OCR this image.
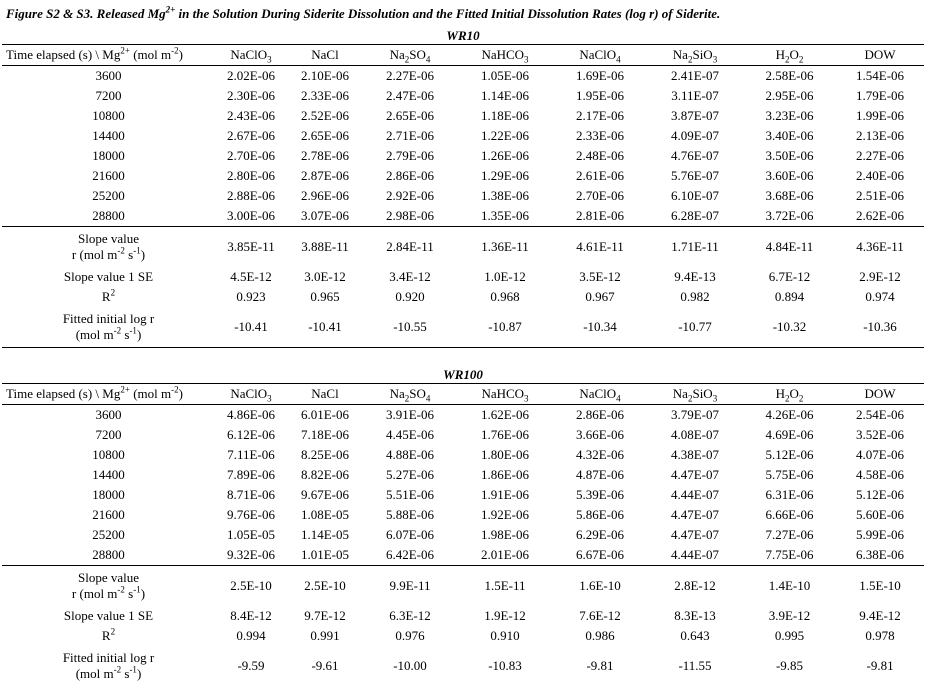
Figure S2 & S3. Released $Mg^{2+}$ in the Solution During Siderite Dissolution and the Fitted Initial Dissolution Rates (log r) of Siderite.
WR10								
Time elapsed (s) \ $Mg^{2+}$ (mol $m^{-2}$)	NaClO$_3$	NaCl	$Na_2SO_4$	NaHCO$_3$	NaClO$_4$	$Na_2SiO_3$	$H_2O_2$	DOW
3600	2.02E-06	2.10E-06	2.27E-06	1.05E-06	1.69E-06	2.41E-07	2.58E-06	1.54E-06
7200	2.30E-06	2.33E-06	2.47E-06	1.14E-06	1.95E-06	3.11E-07	2.95E-06	1.79E-06
10800	2.43E-06	2.52E-06	2.65E-06	1.18E-06	2.17E-06	3.87E-07	3.23E-06	1.99E-06
14400	2.67E-06	2.65E-06	2.71E-06	1.22E-06	2.33E-06	4.09E-07	3.40E-06	2.13E-06
18000	2.70E-06	2.78E-06	2.79E-06	1.26E-06	2.48E-06	4.76E-07	3.50E-06	2.27E-06
21600	2.80E-06	2.87E-06	2.86E-06	1.29E-06	2.61E-06	5.76E-07	3.60E-06	2.40E-06
25200	2.88E-06	2.96E-06	2.92E-06	1.38E-06	2.70E-06	6.10E-07	3.68E-06	2.51E-06
28800	3.00E-06	3.07E-06	2.98E-06	1.35E-06	2.81E-06	6.28E-07	3.72E-06	2.62E-06

Slope value
r (mol $m^{-2}$ $s^{-1}$)	3.85E-11	3.88E-11	2.84E-11	1.36E-11	4.61E-11	1.71E-11	4.84E-11	4.36E-11
Slope value 1 SE	4.5E-12	3.0E-12	3.4E-12	1.0E-12	3.5E-12	9.4E-13	6.7E-12	2.9E-12
$R^2$	0.923	0.965	0.920	0.968	0.967	0.982	0.894	0.974

Fitted initial log r
(mol $m^{-2}$ $s^{-1}$)	-10.41	-10.41	-10.55	-10.87	-10.34	-10.77	-10.32	-10.36
WR100								
Time elapsed (s) \ $Mg^{2+}$ (mol $m^{-2}$)	NaClO$_3$	NaCl	$Na_2SO_4$	NaHCO$_3$	NaClO$_4$	$Na_2SiO_3$	$H_2O_2$	DOW
3600	4.86E-06	6.01E-06	3.91E-06	1.62E-06	2.86E-06	3.79E-07	4.26E-06	2.54E-06
7200	6.12E-06	7.18E-06	4.45E-06	1.76E-06	3.66E-06	4.08E-07	4.69E-06	3.52E-06
10800	7.11E-06	8.25E-06	4.88E-06	1.80E-06	4.32E-06	4.38E-07	5.12E-06	4.07E-06
14400	7.89E-06	8.82E-06	5.27E-06	1.86E-06	4.87E-06	4.47E-07	5.75E-06	4.58E-06
18000	8.71E-06	9.67E-06	5.51E-06	1.91E-06	5.39E-06	4.44E-07	6.31E-06	5.12E-06
21600	9.76E-06	1.08E-05	5.88E-06	1.92E-06	5.86E-06	4.47E-07	6.66E-06	5.60E-06
25200	1.05E-05	1.14E-05	6.07E-06	1.98E-06	6.29E-06	4.47E-07	7.27E-06	5.99E-06
28800	9.32E-06	1.01E-05	6.42E-06	2.01E-06	6.67E-06	4.44E-07	7.75E-06	6.38E-06

Slope value
r (mol $m^{-2}$ $s^{-1}$)	2.5E-10	2.5E-10	9.9E-11	1.5E-11	1.6E-10	2.8E-12	1.4E-10	1.5E-10
Slope value 1 SE	8.4E-12	9.7E-12	6.3E-12	1.9E-12	7.6E-12	8.3E-13	3.9E-12	9.4E-12
$R^2$	0.994	0.991	0.976	0.910	0.986	0.643	0.995	0.978

Fitted initial log r
(mol $m^{-2}$ $s^{-1}$)	-9.59	-9.61	-10.00	-10.83	-9.81	-11.55	-9.85	-9.81
